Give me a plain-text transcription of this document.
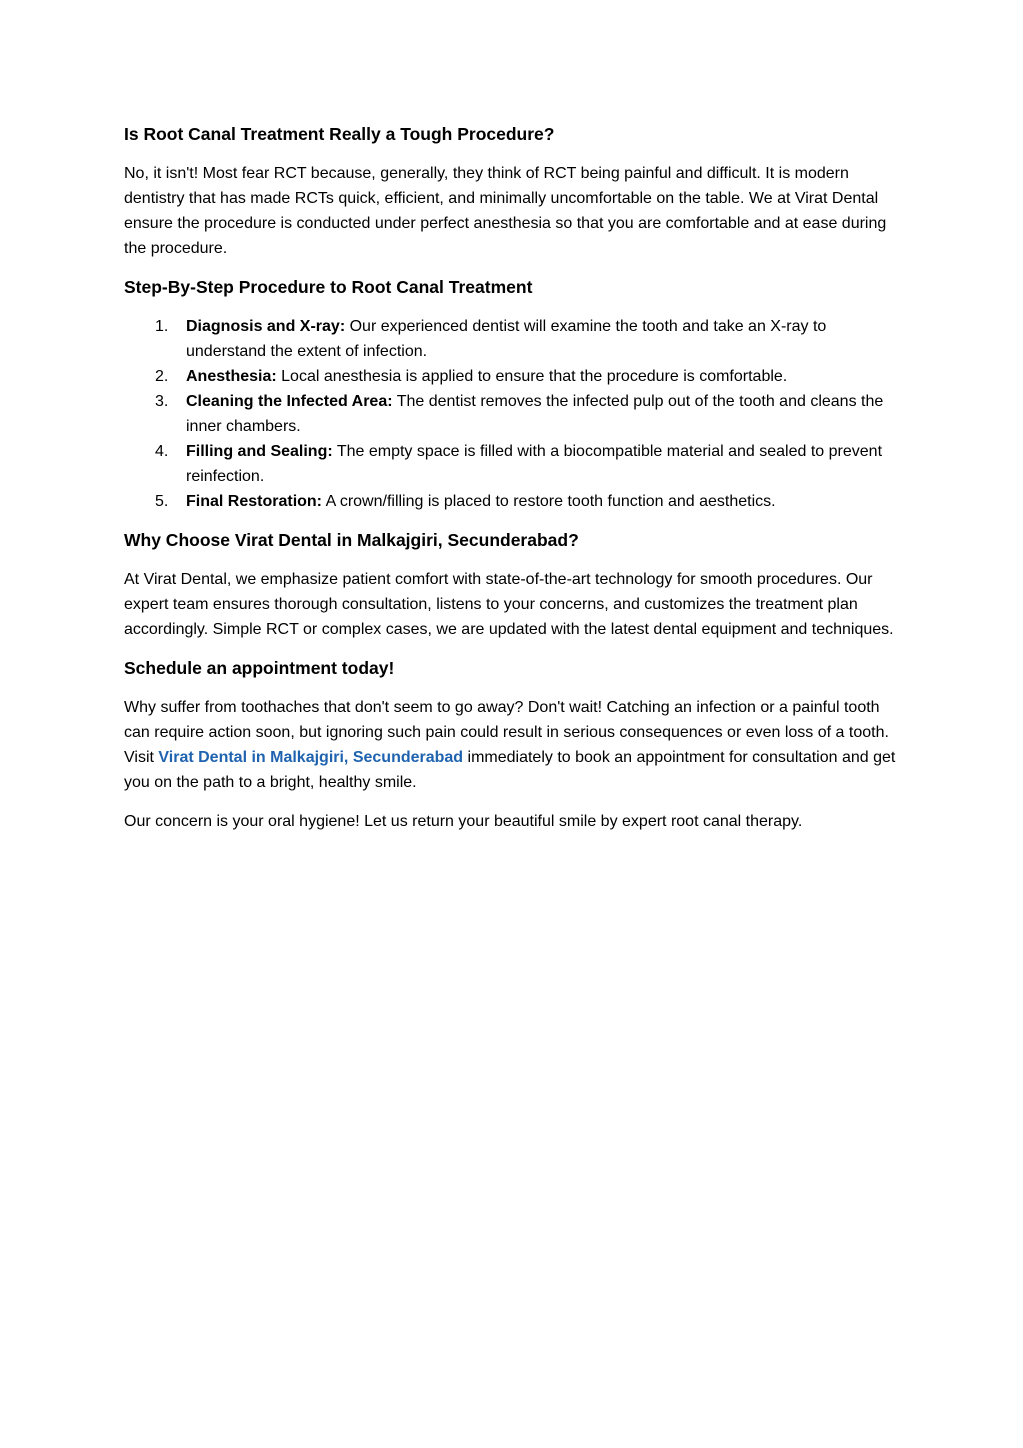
Is Root Canal Treatment Really a Tough Procedure?

No, it isn't! Most fear RCT because, generally, they think of RCT being painful and difficult. It is modern dentistry that has made RCTs quick, efficient, and minimally uncomfortable on the table. We at Virat Dental ensure the procedure is conducted under perfect anesthesia so that you are comfortable and at ease during the procedure.

Step-By-Step Procedure to Root Canal Treatment
1. Diagnosis and X-ray: Our experienced dentist will examine the tooth and take an X-ray to understand the extent of infection.
2. Anesthesia: Local anesthesia is applied to ensure that the procedure is comfortable.
3. Cleaning the Infected Area: The dentist removes the infected pulp out of the tooth and cleans the inner chambers.
4. Filling and Sealing: The empty space is filled with a biocompatible material and sealed to prevent reinfection.
5. Final Restoration: A crown/filling is placed to restore tooth function and aesthetics.
Why Choose Virat Dental in Malkajgiri, Secunderabad?

At Virat Dental, we emphasize patient comfort with state-of-the-art technology for smooth procedures. Our expert team ensures thorough consultation, listens to your concerns, and customizes the treatment plan accordingly. Simple RCT or complex cases, we are updated with the latest dental equipment and techniques.

Schedule an appointment today!

Why suffer from toothaches that don't seem to go away? Don't wait! Catching an infection or a painful tooth can require action soon, but ignoring such pain could result in serious consequences or even loss of a tooth. Visit Virat Dental in Malkajgiri, Secunderabad immediately to book an appointment for consultation and get you on the path to a bright, healthy smile.

Our concern is your oral hygiene! Let us return your beautiful smile by expert root canal therapy.
